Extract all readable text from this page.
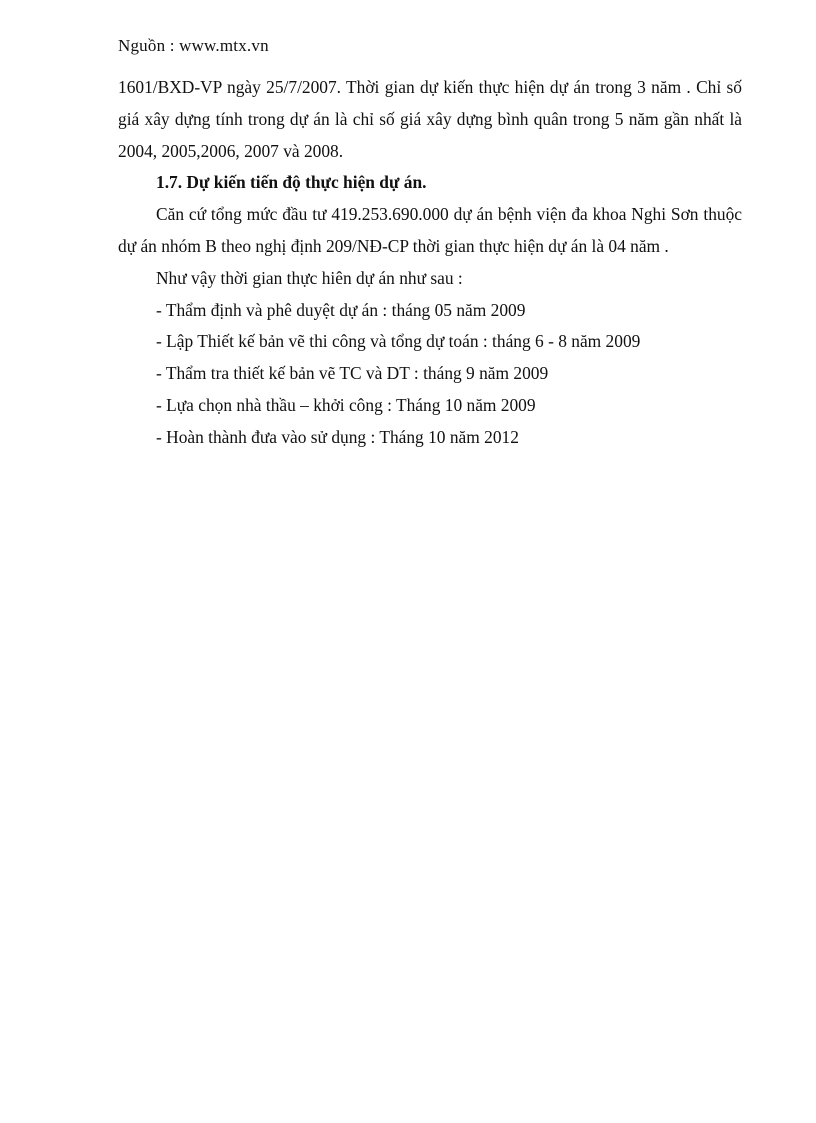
Nguồn : www.mtx.vn

1601/BXD-VP ngày 25/7/2007. Thời gian dự kiến thực hiện dự án trong 3 năm . Chỉ số giá xây dựng tính trong dự án là chỉ số giá xây dựng bình quân trong 5 năm gần nhất là 2004, 2005,2006, 2007 và 2008.

1.7. Dự kiến tiến độ thực hiện dự án.

Căn cứ tổng mức đầu tư 419.253.690.000 dự án bệnh viện đa khoa Nghi Sơn thuộc dự án nhóm B theo nghị định 209/NĐ-CP thời gian thực hiện dự án là 04 năm .

Như vậy thời gian thực hiên dự án như sau :

- Thẩm định và phê duyệt dự án : tháng 05 năm 2009
- Lập Thiết kế bản vẽ thi công và tổng dự toán : tháng 6 - 8 năm 2009
- Thẩm tra thiết kế bản vẽ TC và DT : tháng 9 năm 2009
- Lựa chọn nhà thầu – khởi công : Tháng 10 năm 2009
- Hoàn thành đưa vào sử dụng : Tháng 10 năm 2012
